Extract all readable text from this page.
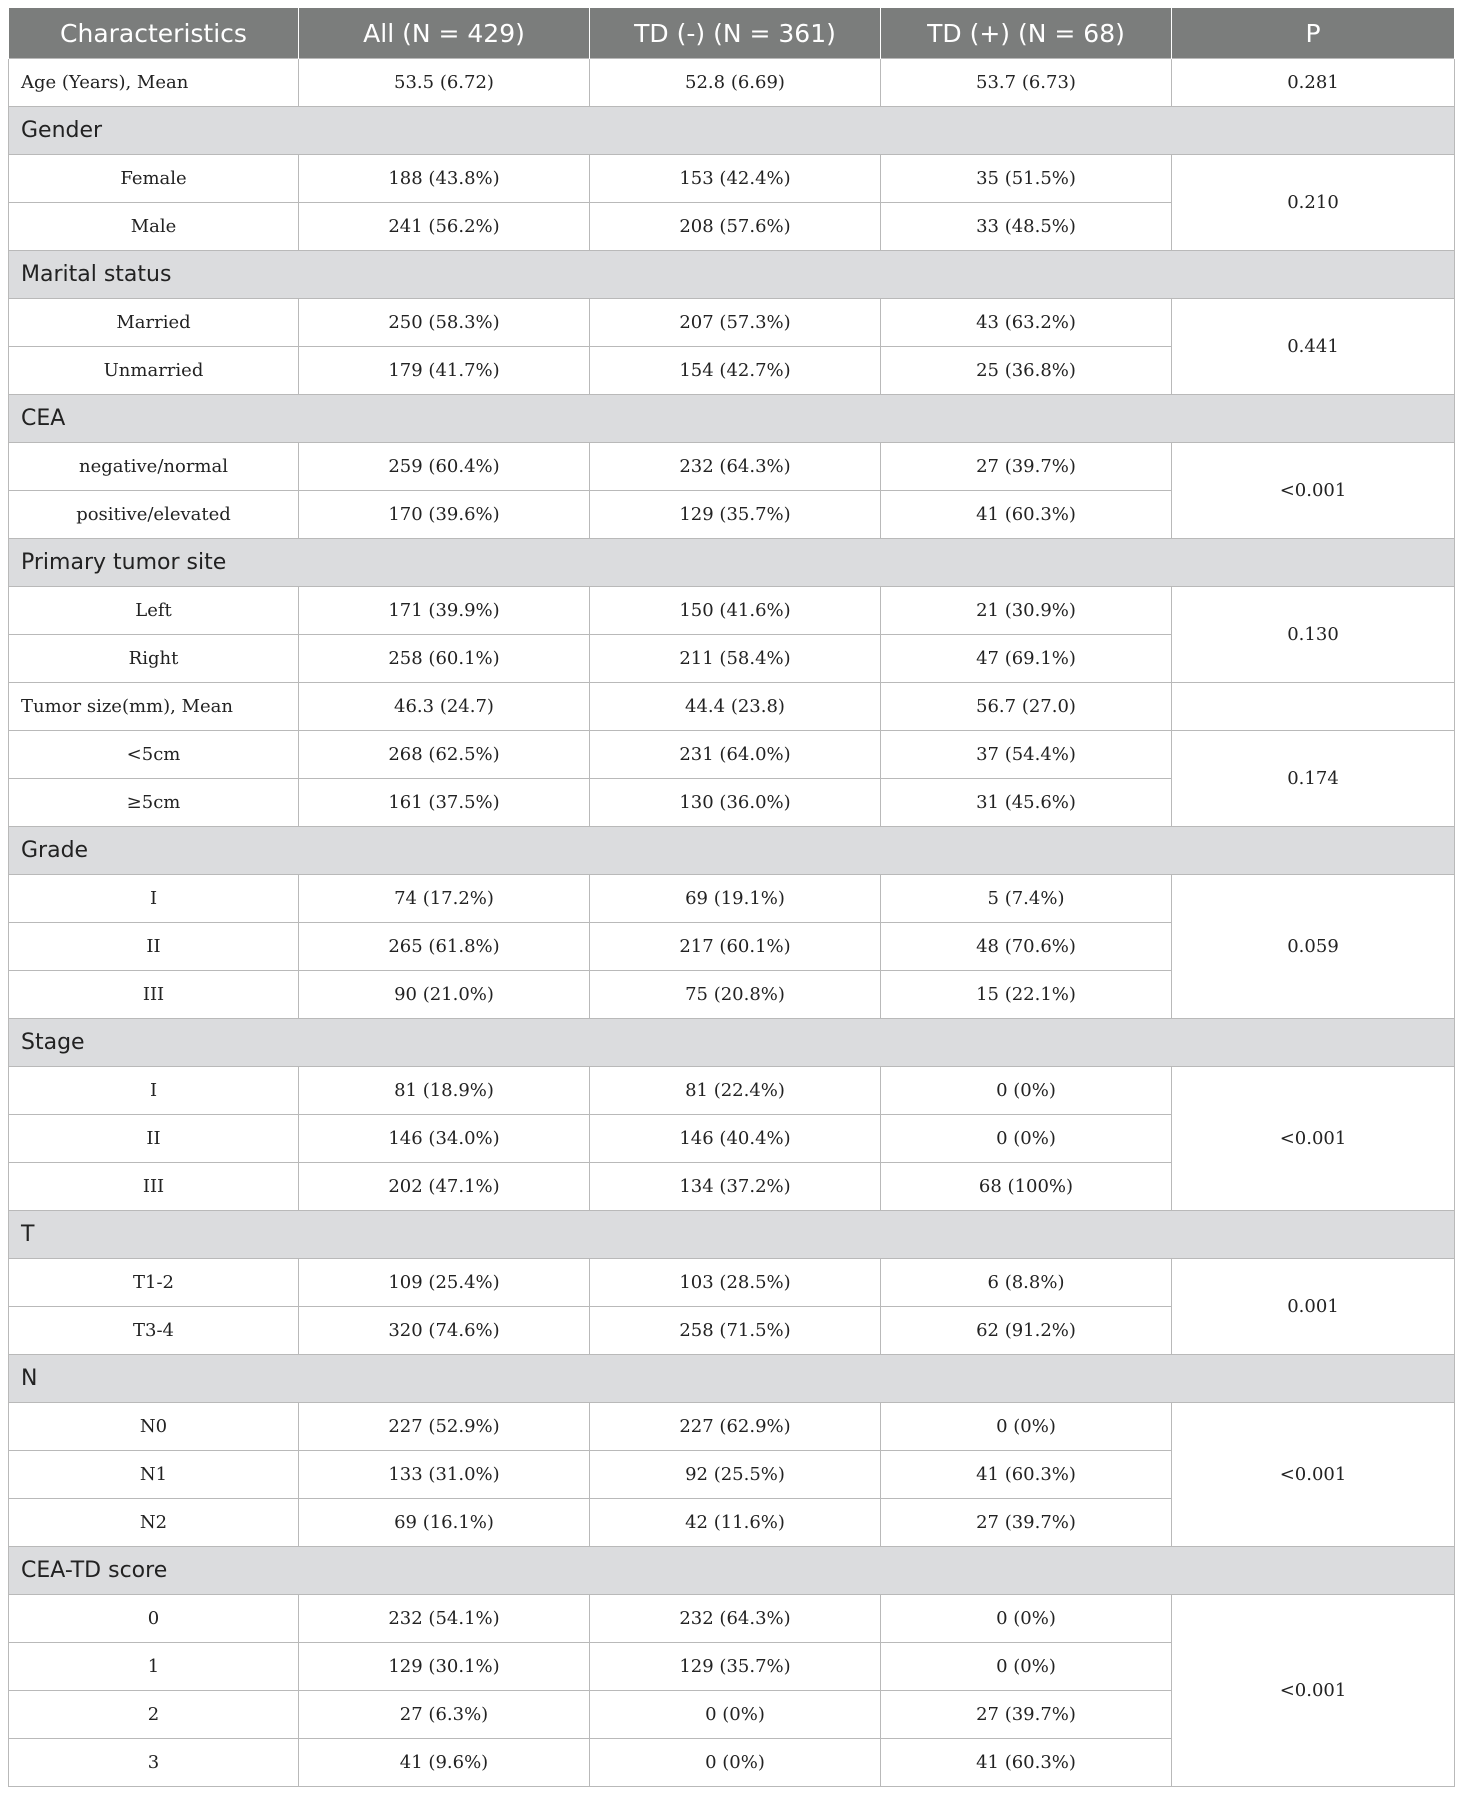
Characteristics	All (N = 429)	TD (-) (N = 361)	TD (+) (N = 68)	P
Age (Years), Mean	53.5 (6.72)	52.8 (6.69)	53.7 (6.73)	0.281
Gender				
Female	188 (43.8%)	153 (42.4%)	35 (51.5%)	0.210
Male	241 (56.2%)	208 (57.6%)	33 (48.5%)	
Marital status				
Married	250 (58.3%)	207 (57.3%)	43 (63.2%)	0.441
Unmarried	179 (41.7%)	154 (42.7%)	25 (36.8%)	
CEA				
negative/normal	259 (60.4%)	232 (64.3%)	27 (39.7%)	<0.001
positive/elevated	170 (39.6%)	129 (35.7%)	41 (60.3%)	
Primary tumor site				
Left	171 (39.9%)	150 (41.6%)	21 (30.9%)	0.130
Right	258 (60.1%)	211 (58.4%)	47 (69.1%)	
Tumor size(mm), Mean	46.3 (24.7)	44.4 (23.8)	56.7 (27.0)	
<5cm	268 (62.5%)	231 (64.0%)	37 (54.4%)	0.174
≥5cm	161 (37.5%)	130 (36.0%)	31 (45.6%)	
Grade				
I	74 (17.2%)	69 (19.1%)	5 (7.4%)	0.059
II	265 (61.8%)	217 (60.1%)	48 (70.6%)	
III	90 (21.0%)	75 (20.8%)	15 (22.1%)	
Stage				
I	81 (18.9%)	81 (22.4%)	0 (0%)	<0.001
II	146 (34.0%)	146 (40.4%)	0 (0%)	
III	202 (47.1%)	134 (37.2%)	68 (100%)	
T				
T1-2	109 (25.4%)	103 (28.5%)	6 (8.8%)	0.001
T3-4	320 (74.6%)	258 (71.5%)	62 (91.2%)	
N				
N0	227 (52.9%)	227 (62.9%)	0 (0%)	<0.001
N1	133 (31.0%)	92 (25.5%)	41 (60.3%)	
N2	69 (16.1%)	42 (11.6%)	27 (39.7%)	
CEA-TD score				
0	232 (54.1%)	232 (64.3%)	0 (0%)	<0.001
1	129 (30.1%)	129 (35.7%)	0 (0%)	
2	27 (6.3%)	0 (0%)	27 (39.7%)	
3	41 (9.6%)	0 (0%)	41 (60.3%)	
